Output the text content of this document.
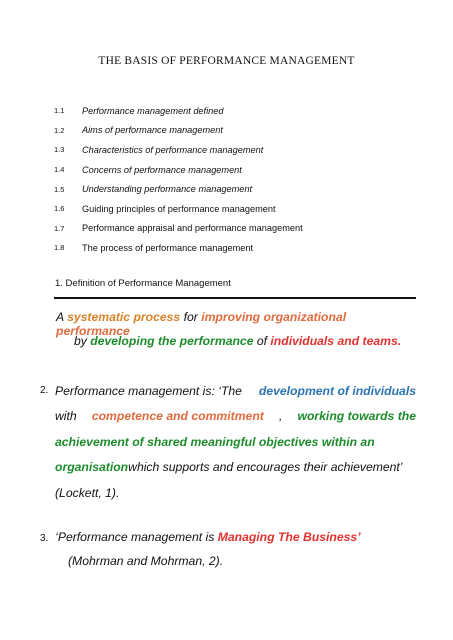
THE BASIS OF PERFORMANCE MANAGEMENT
1.1	Performance management defined
1.2	Aims of performance management
1.3	Characteristics of performance management
1.4	Concerns of performance management
1.5	Understanding performance management
1.6	Guiding principles of performance management
1.7	Performance appraisal and performance management
1.8	The process of performance management
1. Definition of Performance Management
A systematic process for improving organizational performance
by developing the performance of individuals and teams.
2. Performance management is: ‘The development of individuals
with competence and commitment , working towards the
achievement of shared meaningful objectives within an
organisation which supports and encourages their achievement’
(Lockett, 1).
3. ‘Performance management is Managing The Business’
(Mohrman and Mohrman, 2).
